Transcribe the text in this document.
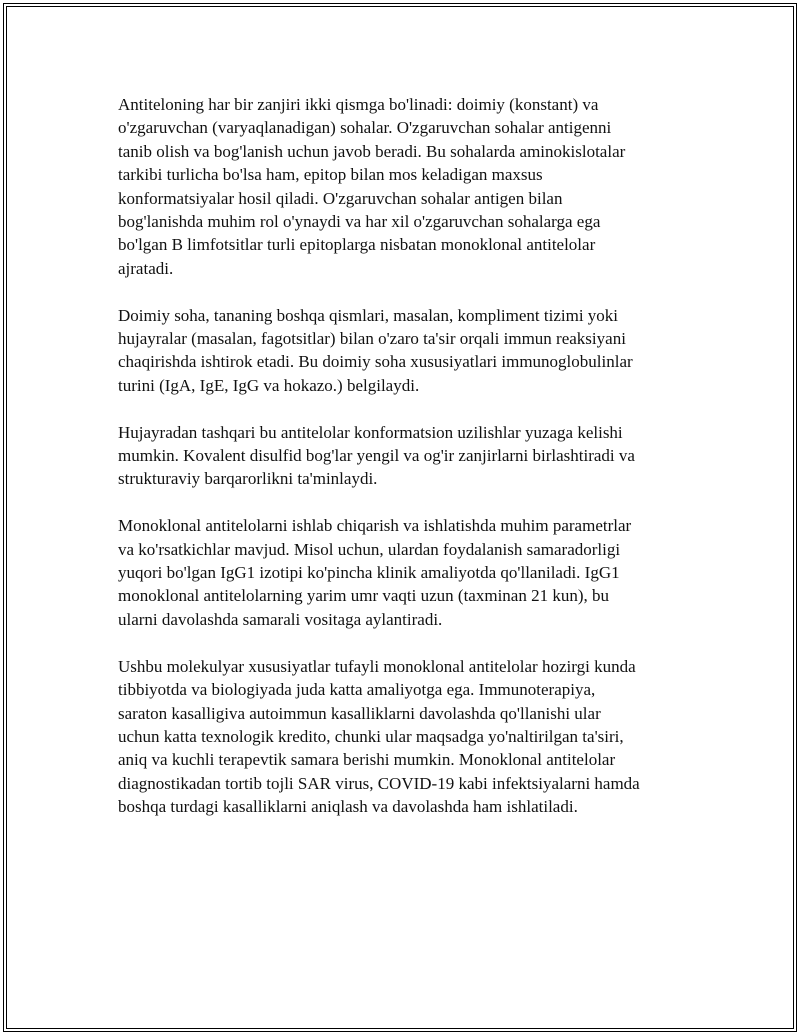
Antiteloning har bir zanjiri ikki qismga bo'linadi: doimiy (konstant) va
o'zgaruvchan (varyaqlanadigan) sohalar. O'zgaruvchan sohalar antigenni
tanib olish va bog'lanish uchun javob beradi. Bu sohalarda aminokislotalar
tarkibi turlicha bo'lsa ham, epitop bilan mos keladigan maxsus
konformatsiyalar hosil qiladi. O'zgaruvchan sohalar antigen bilan
bog'lanishda muhim rol o'ynaydi va har xil o'zgaruvchan sohalarga ega
bo'lgan B limfotsitlar turli epitoplarga nisbatan monoklonal antitelolar
ajratadi.

Doimiy soha, tananing boshqa qismlari, masalan, kompliment tizimi yoki
hujayralar (masalan, fagotsitlar) bilan o'zaro ta'sir orqali immun reaksiyani
chaqirishda ishtirok etadi. Bu doimiy soha xususiyatlari immunoglobulinlar
turini (IgA, IgE, IgG va hokazo.) belgilaydi.

Hujayradan tashqari bu antitelolar konformatsion uzilishlar yuzaga kelishi
mumkin. Kovalent disulfid bog'lar yengil va og'ir zanjirlarni birlashtiradi va
strukturaviy barqarorlikni ta'minlaydi.

Monoklonal antitelolarni ishlab chiqarish va ishlatishda muhim parametrlar
va ko'rsatkichlar mavjud. Misol uchun, ulardan foydalanish samaradorligi
yuqori bo'lgan IgG1 izotipi ko'pincha klinik amaliyotda qo'llaniladi. IgG1
monoklonal antitelolarning yarim umr vaqti uzun (taxminan 21 kun), bu
ularni davolashda samarali vositaga aylantiradi.

Ushbu molekulyar xususiyatlar tufayli monoklonal antitelolar hozirgi kunda
tibbiyotda va biologiyada juda katta amaliyotga ega. Immunoterapiya,
saraton kasalligiva autoimmun kasalliklarni davolashda qo'llanishi ular
uchun katta texnologik kredito, chunki ular maqsadga yo'naltirilgan ta'siri,
aniq va kuchli terapevtik samara berishi mumkin. Monoklonal antitelolar
diagnostikadan tortib tojli SAR virus, COVID-19 kabi infektsiyalarni hamda
boshqa turdagi kasalliklarni aniqlash va davolashda ham ishlatiladi.
